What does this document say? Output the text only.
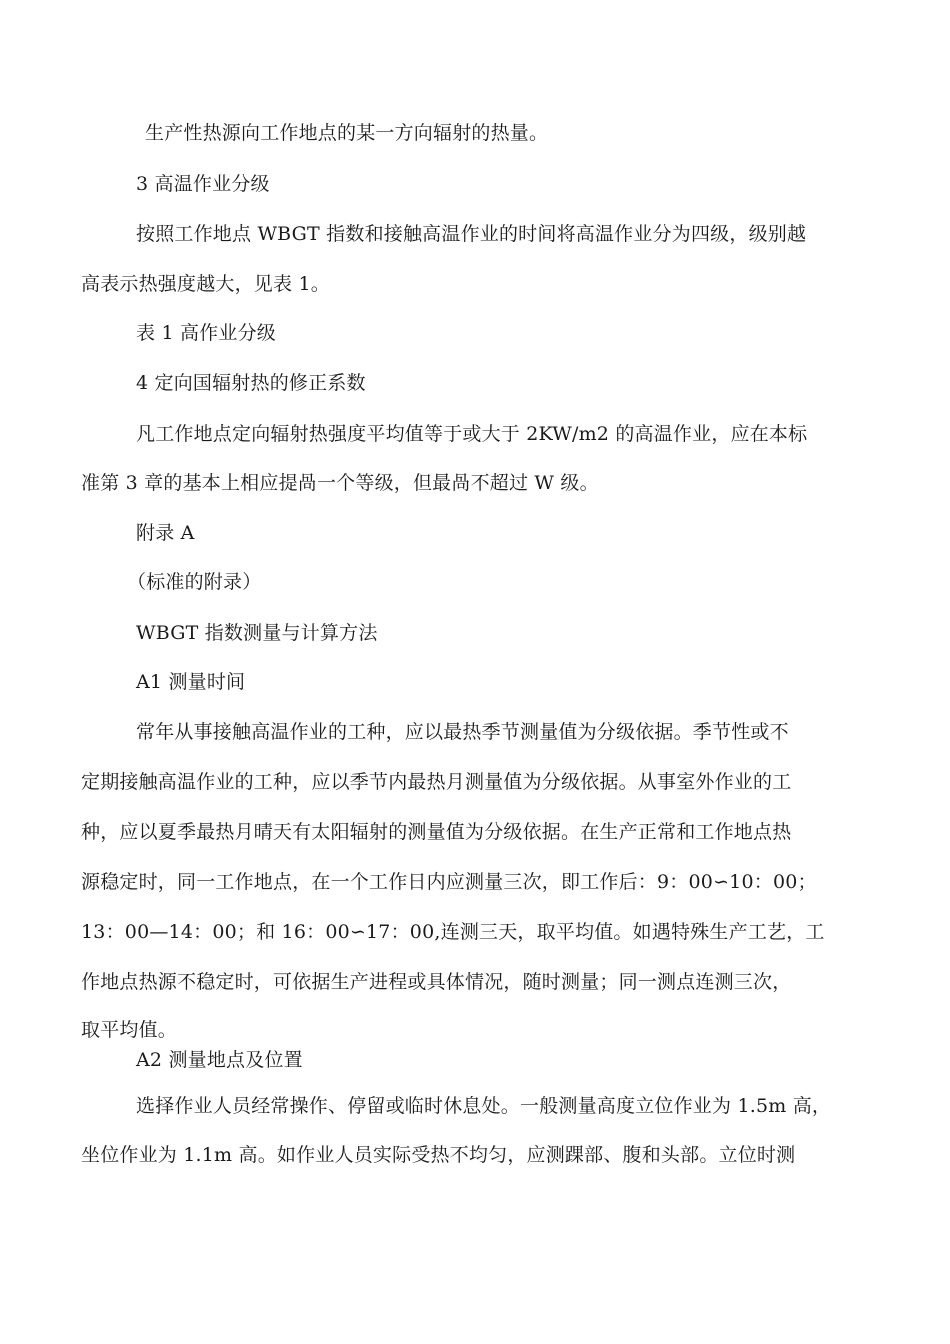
生产性热源向工作地点的某一方向辐射的热量。
3 高温作业分级
按照工作地点 WBGT 指数和接触高温作业的时间将高温作业分为四级，级别越
高表示热强度越大，见表 1。
表 1 高作业分级
4 定向国辐射热的修正系数
凡工作地点定向辐射热强度平均值等于或大于 2KW/m2 的高温作业，应在本标
准第 3 章的基本上相应提咼一个等级，但最咼不超过 W 级。
附录 A
（标准的附录）
WBGT 指数测量与计算方法
A1 测量时间
常年从事接触高温作业的工种，应以最热季节测量值为分级依据。季节性或不
定期接触高温作业的工种，应以季节内最热月测量值为分级依据。从事室外作业的工
种，应以夏季最热月晴天有太阳辐射的测量值为分级依据。在生产正常和工作地点热
源稳定时，同一工作地点，在一个工作日内应测量三次，即工作后：9：00∽10：00；
13：00—14：00；和 16：00∽17：00,连测三天，取平均值。如遇特殊生产工艺，工
作地点热源不稳定时，可依据生产进程或具体情况，随时测量；同一测点连测三次，
取平均值。
A2 测量地点及位置
选择作业人员经常操作、停留或临时休息处。一般测量高度立位作业为 1.5m 高，
坐位作业为 1.1m 高。如作业人员实际受热不均匀，应测踝部、腹和头部。立位时测
